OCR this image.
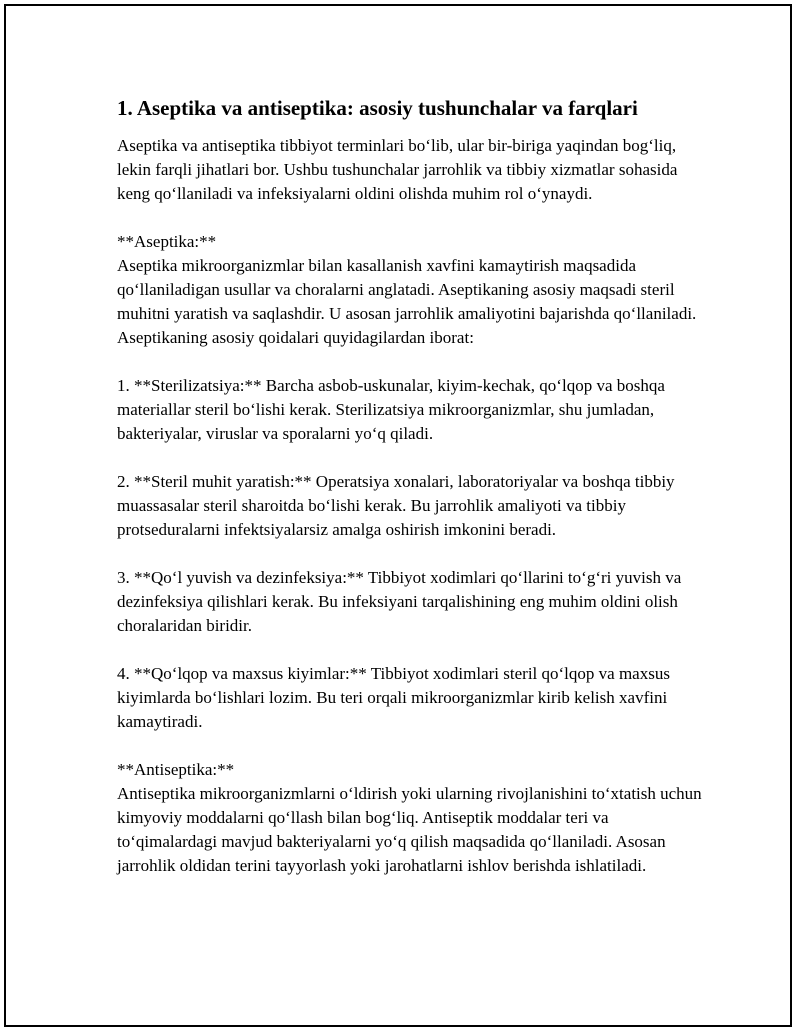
1. Aseptika va antiseptika: asosiy tushunchalar va farqlari

Aseptika va antiseptika tibbiyot terminlari bo‘lib, ular bir-biriga yaqindan bog‘liq, lekin farqli jihatlari bor. Ushbu tushunchalar jarrohlik va tibbiy xizmatlar sohasida keng qo‘llaniladi va infeksiyalarni oldini olishda muhim rol o‘ynaydi.

**Aseptika:**

Aseptika mikroorganizmlar bilan kasallanish xavfini kamaytirish maqsadida qo‘llaniladigan usullar va choralarni anglatadi. Aseptikaning asosiy maqsadi steril muhitni yaratish va saqlashdir. U asosan jarrohlik amaliyotini bajarishda qo‘llaniladi. Aseptikaning asosiy qoidalari quyidagilardan iborat:

1. **Sterilizatsiya:** Barcha asbob-uskunalar, kiyim-kechak, qo‘lqop va boshqa materiallar steril bo‘lishi kerak. Sterilizatsiya mikroorganizmlar, shu jumladan, bakteriyalar, viruslar va sporalarni yo‘q qiladi.

2. **Steril muhit yaratish:** Operatsiya xonalari, laboratoriyalar va boshqa tibbiy muassasalar steril sharoitda bo‘lishi kerak. Bu jarrohlik amaliyoti va tibbiy protseduralarni infektsiyalarsiz amalga oshirish imkonini beradi.

3. **Qo‘l yuvish va dezinfeksiya:** Tibbiyot xodimlari qo‘llarini to‘g‘ri yuvish va dezinfeksiya qilishlari kerak. Bu infeksiyani tarqalishining eng muhim oldini olish choralaridan biridir.

4. **Qo‘lqop va maxsus kiyimlar:** Tibbiyot xodimlari steril qo‘lqop va maxsus kiyimlarda bo‘lishlari lozim. Bu teri orqali mikroorganizmlar kirib kelish xavfini kamaytiradi.

**Antiseptika:**

Antiseptika mikroorganizmlarni o‘ldirish yoki ularning rivojlanishini to‘xtatish uchun kimyoviy moddalarni qo‘llash bilan bog‘liq. Antiseptik moddalar teri va to‘qimalardagi mavjud bakteriyalarni yo‘q qilish maqsadida qo‘llaniladi. Asosan jarrohlik oldidan terini tayyorlash yoki jarohatlarni ishlov berishda ishlatiladi.
